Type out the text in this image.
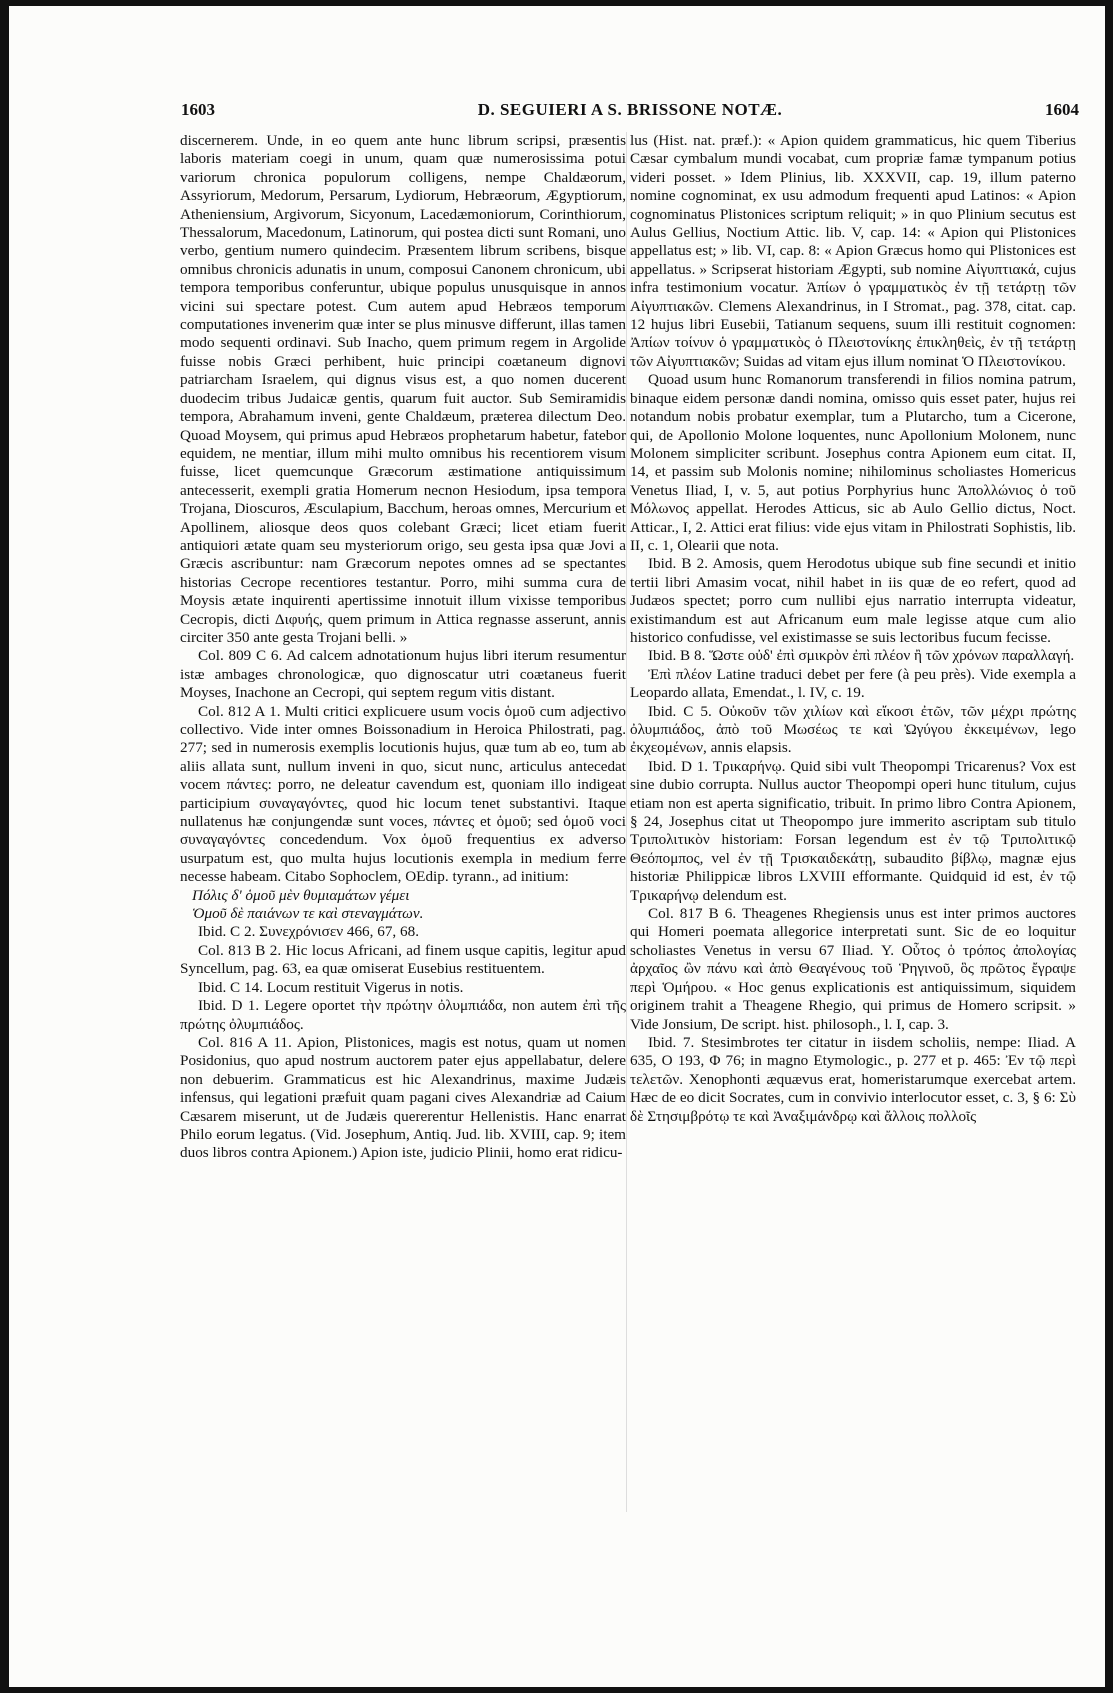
1603	D. SEGUIERI A S. BRISSONE NOTÆ.	1604

discernerem. Unde, in eo quem ante hunc librum scripsi, præsentis laboris materiam coegi in unum, quam quæ numerosissima potui variorum chronica populorum colligens, nempe Chaldæorum, Assyriorum, Medorum, Persarum, Lydiorum, Hebræorum, Ægyptiorum, Atheniensium, Argivorum, Sicyonum, Lacedæmoniorum, Corinthiorum, Thessalorum, Macedonum, Latinorum, qui postea dicti sunt Romani, uno verbo, gentium numero quindecim. Præsentem librum scribens, bisque omnibus chronicis adunatis in unum, composui Canonem chronicum, ubi tempora temporibus conferuntur, ubique populus unusquisque in annos vicini sui spectare potest. Cum autem apud Hebræos temporum computationes invenerim quæ inter se plus minusve differunt, illas tamen modo sequenti ordinavi. Sub Inacho, quem primum regem in Argolide fuisse nobis Græci perhibent, huic principi coætaneum dignovi patriarcham Israelem, qui dignus visus est, a quo nomen ducerent duodecim tribus Judaicæ gentis, quarum fuit auctor. Sub Semiramidis tempora, Abrahamum inveni, gente Chaldæum, præterea dilectum Deo. Quoad Moysem, qui primus apud Hebræos prophetarum habetur, fatebor equidem, ne mentiar, illum mihi multo omnibus his recentiorem visum fuisse, licet quemcunque Græcorum æstimatione antiquissimum antecesserit, exempli gratia Homerum necnon Hesiodum, ipsa tempora Trojana, Dioscuros, Æsculapium, Bacchum, heroas omnes, Mercurium et Apollinem, aliosque deos quos colebant Græci; licet etiam fuerit antiquiori ætate quam seu mysteriorum origo, seu gesta ipsa quæ Jovi a Græcis ascribuntur: nam Græcorum nepotes omnes ad se spectantes historias Cecrope recentiores testantur. Porro, mihi summa cura de Moysis ætate inquirenti apertissime innotuit illum vixisse temporibus Cecropis, dicti Διφυής, quem primum in Attica regnasse asserunt, annis circiter 350 ante gesta Trojani belli. »

Col. 809 C 6. Ad calcem adnotationum hujus libri iterum resumentur istæ ambages chronologicæ, quo dignoscatur utri coætaneus fuerit Moyses, Inachone an Cecropi, qui septem regum vitis distant.

Col. 812 A 1. Multi critici explicuere usum vocis ὁμοῦ cum adjectivo collectivo. Vide inter omnes Boissonadium in Heroica Philostrati, pag. 277; sed in numerosis exemplis locutionis hujus, quæ tum ab eo, tum ab aliis allata sunt, nullum inveni in quo, sicut nunc, articulus antecedat vocem πάντες: porro, ne deleatur cavendum est, quoniam illo indigeat participium συναγαγόντες, quod hic locum tenet substantivi. Itaque nullatenus hæ conjungendæ sunt voces, πάντες et ὁμοῦ; sed ὁμοῦ voci συναγαγόντες concedendum. Vox ὁμοῦ frequentius ex adverso usurpatum est, quo multa hujus locutionis exempla in medium ferre necesse habeam. Citabo Sophoclem, OEdip. tyrann., ad initium:

Πόλις δ' ὁμοῦ μὲν θυμιαμάτων γέμει

Ὁμοῦ δὲ παιάνων τε καὶ στεναγμάτων.

Ibid. C 2. Συνεχρόνισεν 466, 67, 68.

Col. 813 B 2. Hic locus Africani, ad finem usque capitis, legitur apud Syncellum, pag. 63, ea quæ omiserat Eusebius restituentem.

Ibid. C 14. Locum restituit Vigerus in notis.

Ibid. D 1. Legere oportet τὴν πρώτην ὀλυμπιάδα, non autem ἐπὶ τῆς πρώτης ὀλυμπιάδος.

Col. 816 A 11. Apion, Plistonices, magis est notus, quam ut nomen Posidonius, quo apud nostrum auctorem pater ejus appellabatur, delere non debuerim. Grammaticus est hic Alexandrinus, maxime Judæis infensus, qui legationi præfuit quam pagani cives Alexandriæ ad Caium Cæsarem miserunt, ut de Judæis quererentur Hellenistis. Hanc enarrat Philo eorum legatus. (Vid. Josephum, Antiq. Jud. lib. XVIII, cap. 9; item duos libros contra Apionem.) Apion iste, judicio Plinii, homo erat ridicu-

lus (Hist. nat. præf.): « Apion quidem grammaticus, hic quem Tiberius Cæsar cymbalum mundi vocabat, cum propriæ famæ tympanum potius videri posset. » Idem Plinius, lib. XXXVII, cap. 19, illum paterno nomine cognominat, ex usu admodum frequenti apud Latinos: « Apion cognominatus Plistonices scriptum reliquit; » in quo Plinium secutus est Aulus Gellius, Noctium Attic. lib. V, cap. 14: « Apion qui Plistonices appellatus est; » lib. VI, cap. 8: « Apion Græcus homo qui Plistonices est appellatus. » Scripserat historiam Ægypti, sub nomine Αἰγυπτιακά, cujus infra testimonium vocatur. Ἀπίων ὁ γραμματικὸς ἐν τῇ τετάρτῃ τῶν Αἰγυπτιακῶν. Clemens Alexandrinus, in I Stromat., pag. 378, citat. cap. 12 hujus libri Eusebii, Tatianum sequens, suum illi restituit cognomen: Ἀπίων τοίνυν ὁ γραμματικὸς ὁ Πλειστονίκης ἐπικληθεὶς, ἐν τῇ τετάρτῃ τῶν Αἰγυπτιακῶν; Suidas ad vitam ejus illum nominat Ὁ Πλειστονίκου.

Quoad usum hunc Romanorum transferendi in filios nomina patrum, binaque eidem personæ dandi nomina, omisso quis esset pater, hujus rei notandum nobis probatur exemplar, tum a Plutarcho, tum a Cicerone, qui, de Apollonio Molone loquentes, nunc Apollonium Molonem, nunc Molonem simpliciter scribunt. Josephus contra Apionem eum citat. II, 14, et passim sub Molonis nomine; nihilominus scholiastes Homericus Venetus Iliad, I, v. 5, aut potius Porphyrius hunc Ἀπολλώνιος ὁ τοῦ Μόλωνος appellat. Herodes Atticus, sic ab Aulo Gellio dictus, Noct. Atticar., I, 2. Attici erat filius: vide ejus vitam in Philostrati Sophistis, lib. II, c. 1, Olearii que nota.

Ibid. B 2. Amosis, quem Herodotus ubique sub fine secundi et initio tertii libri Amasim vocat, nihil habet in iis quæ de eo refert, quod ad Judæos spectet; porro cum nullibi ejus narratio interrupta videatur, existimandum est aut Africanum eum male legisse atque cum alio historico confudisse, vel existimasse se suis lectoribus fucum fecisse.

Ibid. B 8. Ὥστε οὐδ' ἐπὶ σμικρὸν ἐπὶ πλέον ἢ τῶν χρόνων παραλλαγή.

Ἐπὶ πλέον Latine traduci debet per fere (à peu près). Vide exempla a Leopardo allata, Emendat., l. IV, c. 19.

Ibid. C 5. Οὐκοῦν τῶν χιλίων καὶ εἴκοσι ἐτῶν, τῶν μέχρι πρώτης ὀλυμπιάδος, ἀπὸ τοῦ Μωσέως τε καὶ Ὠγύγου ἐκκειμένων, lego ἐκχεομένων, annis elapsis.

Ibid. D 1. Τρικαρήνῳ. Quid sibi vult Theopompi Tricarenus? Vox est sine dubio corrupta. Nullus auctor Theopompi operi hunc titulum, cujus etiam non est aperta significatio, tribuit. In primo libro Contra Apionem, § 24, Josephus citat ut Theopompo jure immerito ascriptam sub titulo Τριπολιτικὸν historiam: Forsan legendum est ἐν τῷ Τριπολιτικῷ Θεόπομπος, vel ἐν τῇ Τρισκαιδεκάτῃ, subaudito βίβλῳ, magnæ ejus historiæ Philippicæ libros LXVIII efformante. Quidquid id est, ἐν τῷ Τρικαρήνῳ delendum est.

Col. 817 B 6. Theagenes Rhegiensis unus est inter primos auctores qui Homeri poemata allegorice interpretati sunt. Sic de eo loquitur scholiastes Venetus in versu 67 Iliad. Υ. Οὗτος ὁ τρόπος ἀπολογίας ἀρχαῖος ὢν πάνυ καὶ ἀπὸ Θεαγένους τοῦ Ῥηγινοῦ, ὃς πρῶτος ἔγραψε περὶ Ὁμήρου. « Hoc genus explicationis est antiquissimum, siquidem originem trahit a Theagene Rhegio, qui primus de Homero scripsit. » Vide Jonsium, De script. hist. philosoph., l. I, cap. 3.

Ibid. 7. Stesimbrotes ter citatur in iisdem scholiis, nempe: Iliad. A 635, O 193, Φ 76; in magno Etymologic., p. 277 et p. 465: Ἐν τῷ περὶ τελετῶν. Xenophonti æquævus erat, homeristarumque exercebat artem. Hæc de eo dicit Socrates, cum in convivio interlocutor esset, c. 3, § 6: Σὺ δὲ Στησιμβρότῳ τε καὶ Ἀναξιμάνδρῳ καὶ ἄλλοις πολλοῖς
